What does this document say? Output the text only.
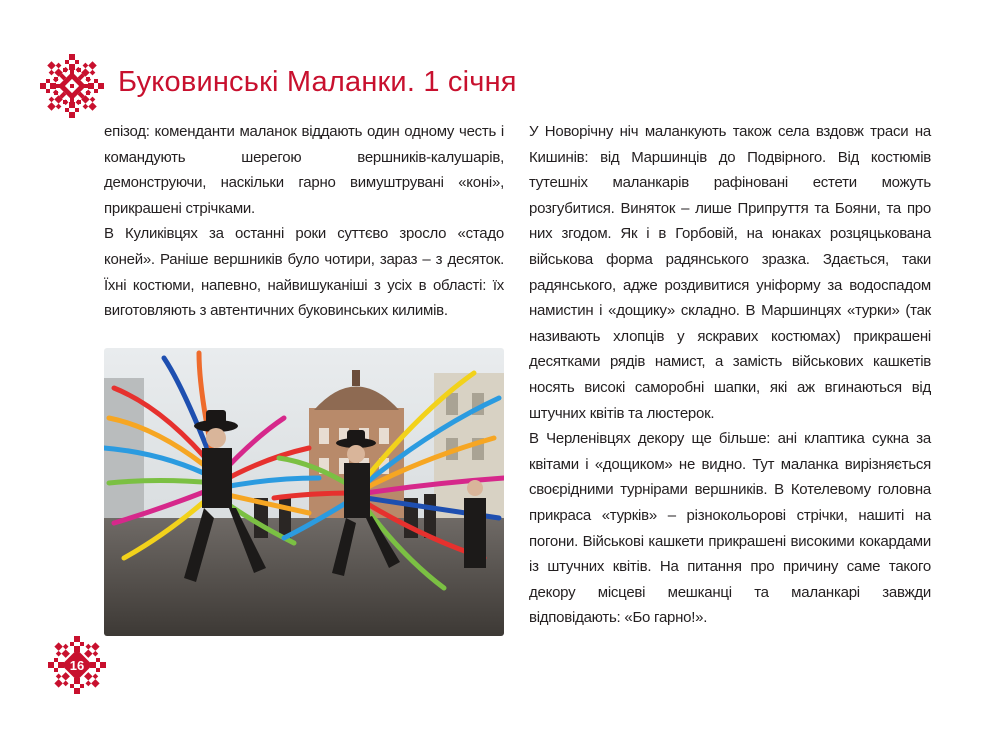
Буковинські Маланки. 1 січня

епізод: коменданти маланок віддають один одному честь і командують шерегою вершників-калушарів, демонструючи, наскільки гарно вимуштрувані «коні», прикрашені стрічками.

В Куликівцях за останні роки суттєво зросло «стадо коней». Раніше вершників було чотири, зараз – з десяток. Їхні костюми, напевно, найвишуканіші з усіх в області: їх виготовляють з автентичних буковинських килимів.

У Новорічну ніч маланкують також села вздовж траси на Кишинів: від Маршинців до Подвірного. Від костюмів тутешніх маланкарів рафіновані естети можуть розгубитися. Виняток – лише Припруття та Бояни, та про них згодом. Як і в Горбовій, на юнаках розцяцькована військова форма радянського зразка. Здається, таки радянського, адже роздивитися уніформу за водоспадом намистин і «дощику» складно. В Маршинцях «турки» (так називають хлопців у яскравих костюмах) прикрашені десятками рядів намист, а замість військових кашкетів носять високі саморобні шапки, які аж вгинаються від штучних квітів та люстерок.

В Черленівцях декору ще більше: ані клаптика сукна за квітами і «дощиком» не видно. Тут маланка вирізняється своєрідними турнірами вершників. В Котелевому головна прикраса «турків» – різнокольорові стрічки, нашиті на погони. Військові кашкети прикрашені високими кокардами із штучних квітів. На питання про причину саме такого декору місцеві мешканці та маланкарі завжди відповідають: «Бо гарно!».

16
